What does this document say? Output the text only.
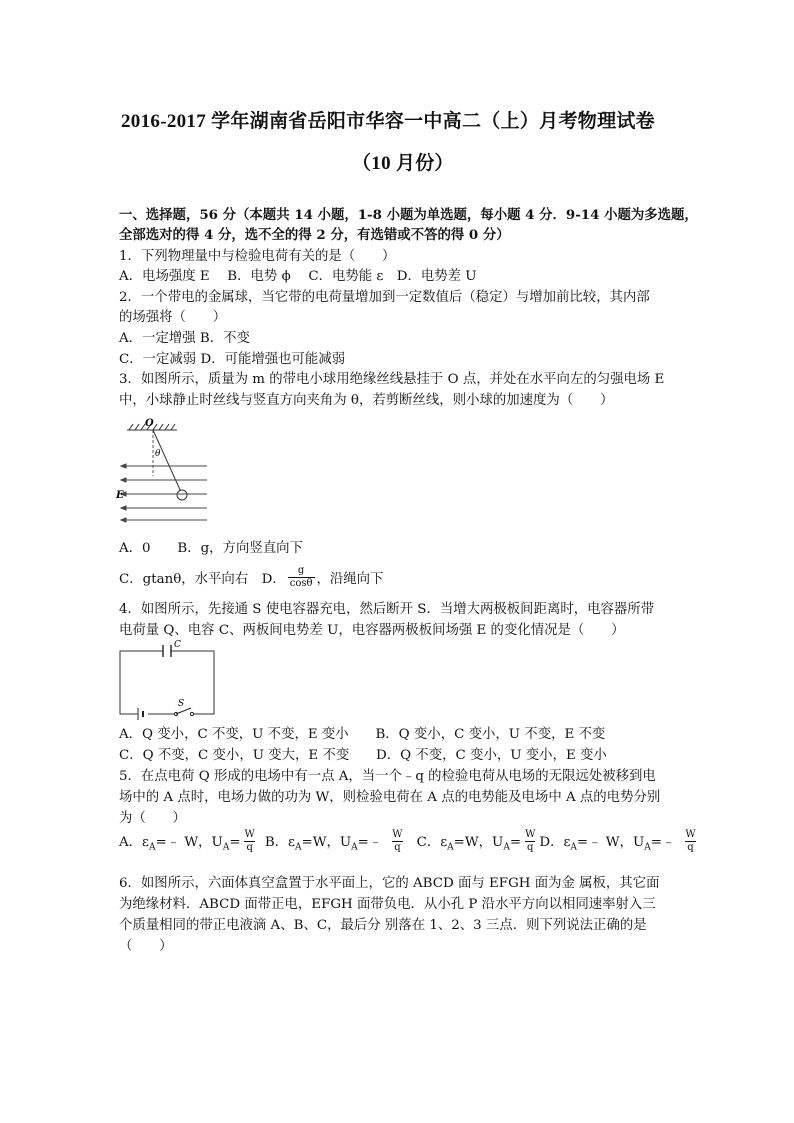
2016-2017 学年湖南省岳阳市华容一中高二（上）月考物理试卷
（10 月份）
一、选择题，56 分（本题共 14 小题，1-8 小题为单选题，每小题 4 分．9-14 小题为多选题，
全部选对的得 4 分，选不全的得 2 分，有选错或不答的得 0 分）
1．下列物理量中与检验电荷有关的是（　　）
A．电场强度 E　 B．电势 ϕ　 C．电势能 ε　D．电势差 U
2．一个带电的金属球，当它带的电荷量增加到一定数值后（稳定）与增加前比较，其内部
的场强将（　　）
A．一定增强 B．不变
C．一定减弱 D．可能增强也可能减弱
3．如图所示，质量为 m 的带电小球用绝缘丝线悬挂于 O 点，并处在水平向左的匀强电场 E
中，小球静止时丝线与竖直方向夹角为 θ，若剪断丝线，则小球的加速度为（　　）
O
θ
E
A．0　　B．g，方向竖直向下
C．gtanθ，水平向右　D． $\frac{g}{\cos\theta}$ ，沿绳向下
4．如图所示，先接通 S 使电容器充电，然后断开 S．当增大两极板间距离时，电容器所带
电荷量 Q、电容 C、两板间电势差 U，电容器两极板间场强 E 的变化情况是（　　）
C
S
A．Q 变小，C 不变，U 不变，E 变小　　B．Q 变小，C 变小，U 不变，E 不变
C．Q 不变，C 变小，U 变大，E 不变　　D．Q 不变，C 变小，U 变小，E 变小
5．在点电荷 Q 形成的电场中有一点 A，当一个﹣q 的检验电荷从电场的无限远处被移到电
场中的 A 点时，电场力做的功为 W，则检验电荷在 A 点的电势能及电场中 A 点的电势分别
为（　　）
A．$\varepsilon_A=﹣$ W，$U_A= \frac{W}{q}$ B．$\varepsilon_A=W$，$U_A=﹣ \frac{W}{q}$ C．$\varepsilon_A=W$，$U_A= \frac{W}{q}$ D．$\varepsilon_A=﹣$ W，$U_A=﹣ \frac{W}{q}$
6．如图所示，六面体真空盒置于水平面上，它的 ABCD 面与 EFGH 面为金 属板，其它面
为绝缘材料．ABCD 面带正电，EFGH 面带负电．从小孔 P 沿水平方向以相同速率射入三
个质量相同的带正电液滴 A、B、C，最后分 别落在 1、2、3 三点．则下列说法正确的是
（　　）
